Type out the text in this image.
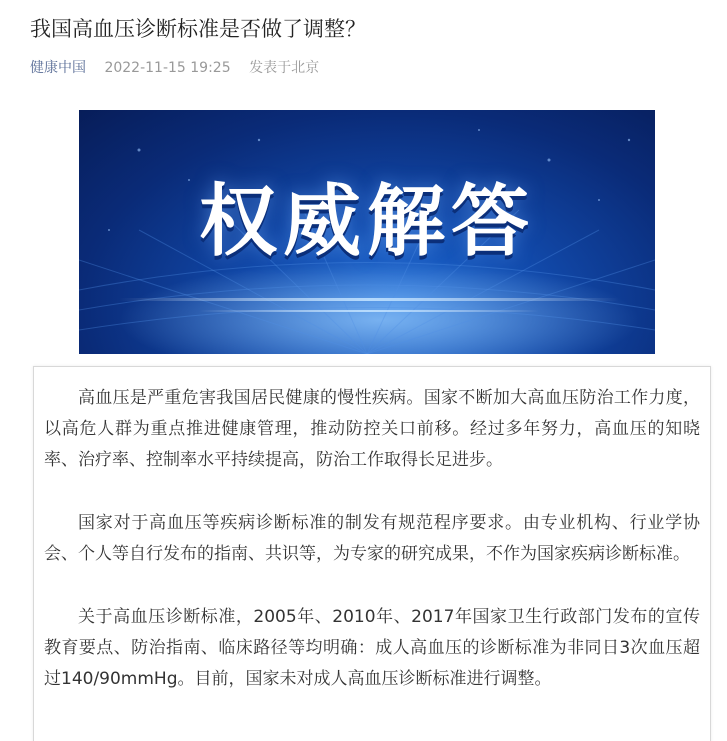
我国高血压诊断标准是否做了调整？
健康中国 2022-11-15 19:25 发表于北京
权威解答

高血压是严重危害我国居民健康的慢性疾病。国家不断加大高血压防治工作力度，以高危人群为重点推进健康管理，推动防控关口前移。经过多年努力，高血压的知晓率、治疗率、控制率水平持续提高，防治工作取得长足进步。

国家对于高血压等疾病诊断标准的制发有规范程序要求。由专业机构、行业学协会、个人等自行发布的指南、共识等，为专家的研究成果，不作为国家疾病诊断标准。

关于高血压诊断标准，2005年、2010年、2017年国家卫生行政部门发布的宣传教育要点、防治指南、临床路径等均明确：成人高血压的诊断标准为非同日3次血压超过140/90mmHg。目前，国家未对成人高血压诊断标准进行调整。
